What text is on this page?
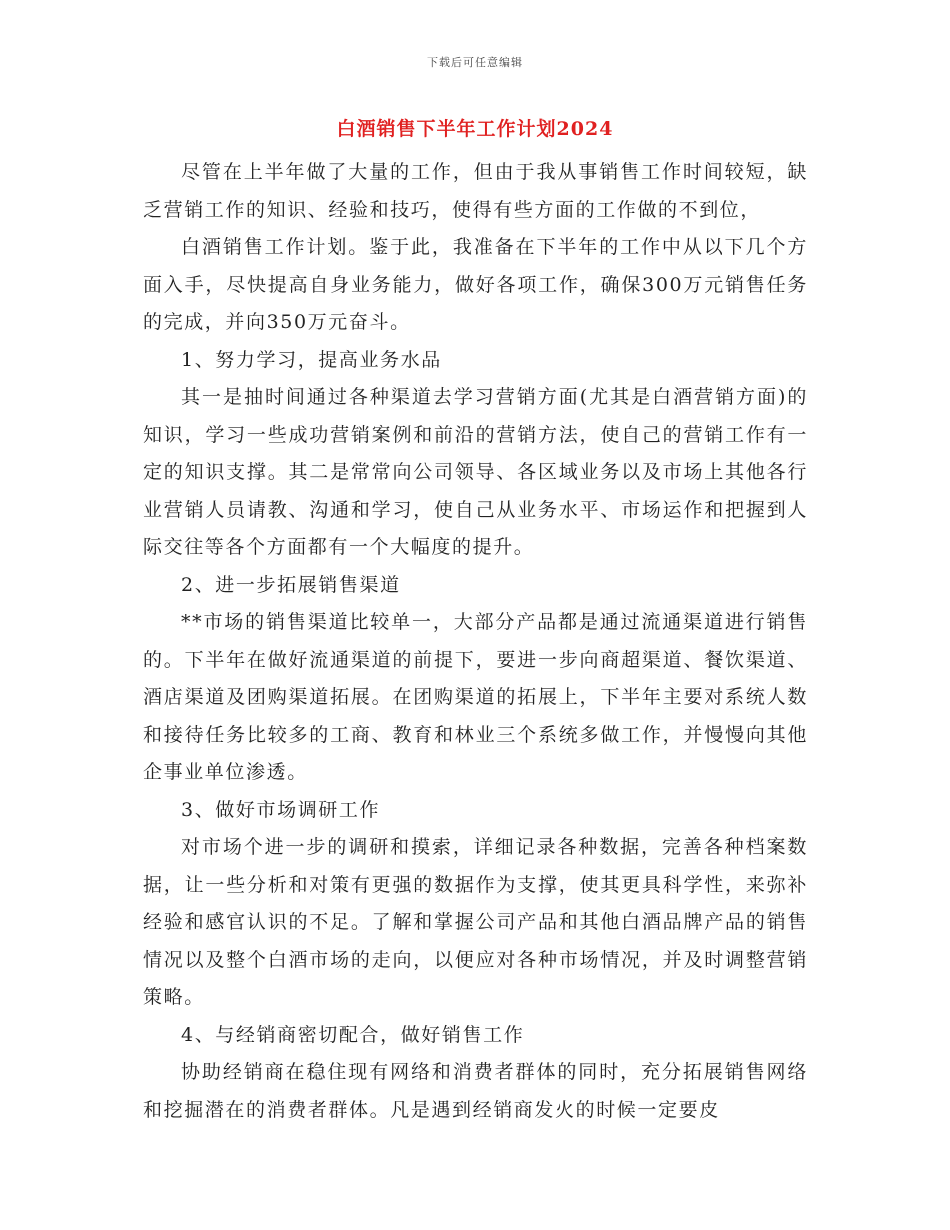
下载后可任意编辑
白酒销售下半年工作计划2024

尽管在上半年做了大量的工作，但由于我从事销售工作时间较短，缺乏营销工作的知识、经验和技巧，使得有些方面的工作做的不到位，

白酒销售工作计划。鉴于此，我准备在下半年的工作中从以下几个方面入手，尽快提高自身业务能力，做好各项工作，确保300万元销售任务的完成，并向350万元奋斗。

1、努力学习，提高业务水品

其一是抽时间通过各种渠道去学习营销方面(尤其是白酒营销方面)的知识，学习一些成功营销案例和前沿的营销方法，使自己的营销工作有一定的知识支撑。其二是常常向公司领导、各区域业务以及市场上其他各行业营销人员请教、沟通和学习，使自己从业务水平、市场运作和把握到人际交往等各个方面都有一个大幅度的提升。

2、进一步拓展销售渠道

**市场的销售渠道比较单一，大部分产品都是通过流通渠道进行销售的。下半年在做好流通渠道的前提下，要进一步向商超渠道、餐饮渠道、酒店渠道及团购渠道拓展。在团购渠道的拓展上，下半年主要对系统人数和接待任务比较多的工商、教育和林业三个系统多做工作，并慢慢向其他企事业单位渗透。

3、做好市场调研工作

对市场个进一步的调研和摸索，详细记录各种数据，完善各种档案数据，让一些分析和对策有更强的数据作为支撑，使其更具科学性，来弥补经验和感官认识的不足。了解和掌握公司产品和其他白酒品牌产品的销售情况以及整个白酒市场的走向，以便应对各种市场情况，并及时调整营销策略。

4、与经销商密切配合，做好销售工作

协助经销商在稳住现有网络和消费者群体的同时，充分拓展销售网络和挖掘潜在的消费者群体。凡是遇到经销商发火的时候一定要皮
